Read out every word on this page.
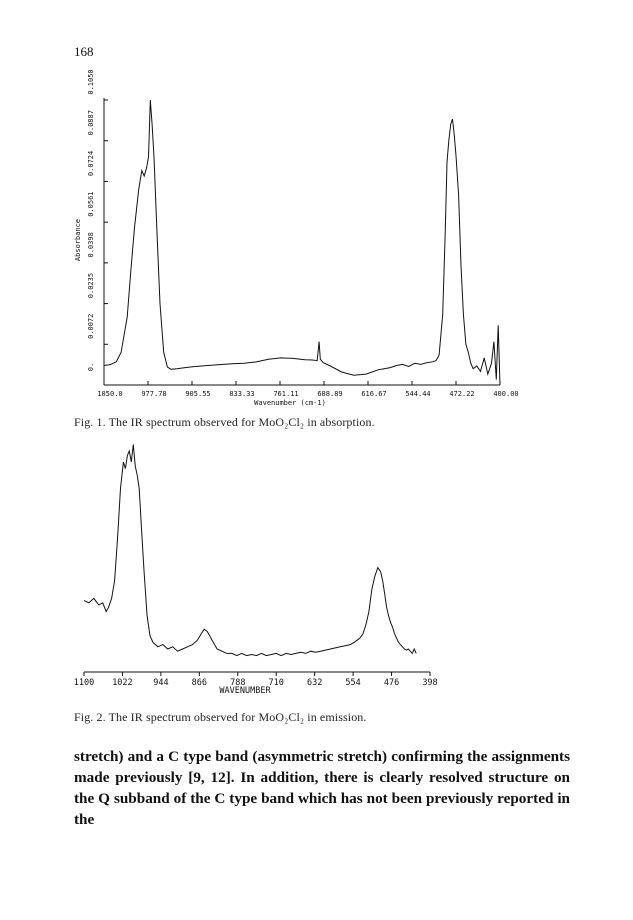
168
1050.0	977.78	905.55	833.33	761.11	688.89	616.67	544.44	472.22	400.00
0.
0.0072
0.0235
0.0398
0.0561
0.0724
0.0887
0.1050
Wavenumber (cm-1)
Absorbance
Fig. 1. The IR spectrum observed for MoO₂Cl₂ in absorption.
1100 1022 944	866	788	710	632	554	476	398
WAVENUMBER
Fig. 2. The IR spectrum observed for MoO₂Cl₂ in emission.

stretch) and a C type band (asymmetric stretch) confirming the assignments made previously [9, 12]. In addition, there is clearly resolved structure on the Q subband of the C type band which has not been previously reported in the
